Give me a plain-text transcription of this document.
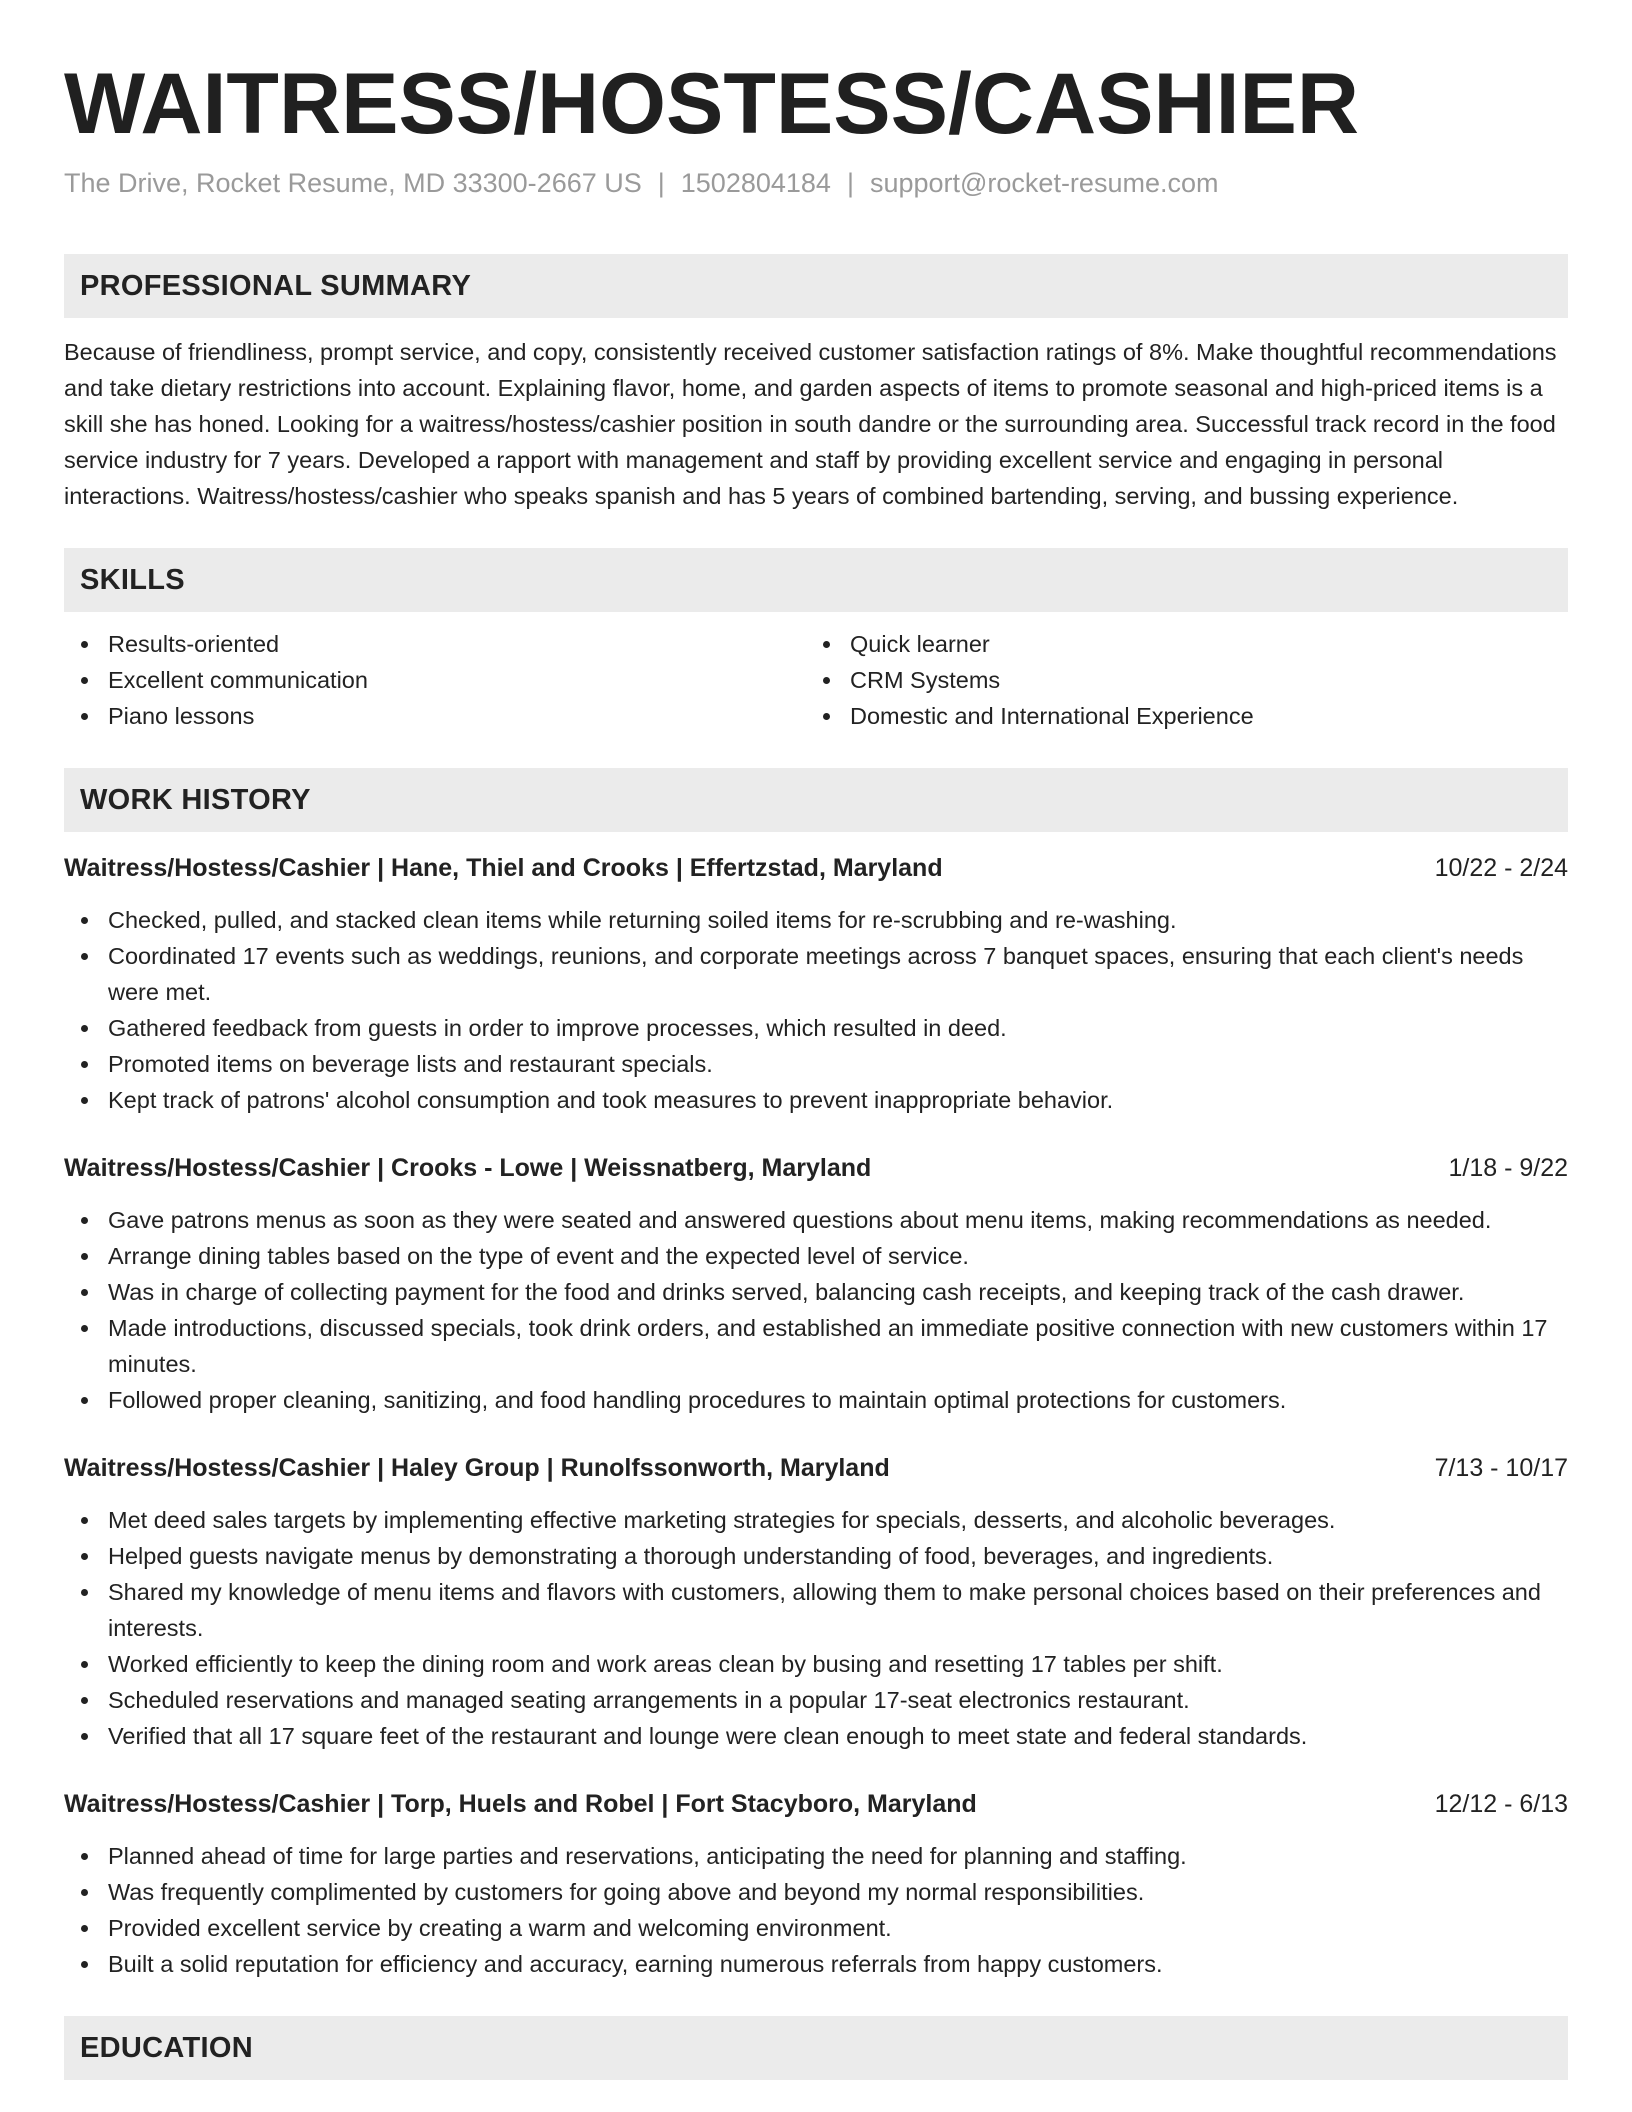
WAITRESS/HOSTESS/CASHIER
The Drive, Rocket Resume, MD 33300-2667 US | 1502804184 | support@rocket-resume.com
PROFESSIONAL SUMMARY
Because of friendliness, prompt service, and copy, consistently received customer satisfaction ratings of 8%. Make thoughtful recommendations and take dietary restrictions into account. Explaining flavor, home, and garden aspects of items to promote seasonal and high-priced items is a skill she has honed. Looking for a waitress/hostess/cashier position in south dandre or the surrounding area. Successful track record in the food service industry for 7 years. Developed a rapport with management and staff by providing excellent service and engaging in personal interactions. Waitress/hostess/cashier who speaks spanish and has 5 years of combined bartending, serving, and bussing experience.
SKILLS
Results-oriented
Excellent communication
Piano lessons
Quick learner
CRM Systems
Domestic and International Experience
WORK HISTORY
Waitress/Hostess/Cashier | Hane, Thiel and Crooks | Effertzstad, Maryland	10/22 - 2/24
Checked, pulled, and stacked clean items while returning soiled items for re-scrubbing and re-washing.
Coordinated 17 events such as weddings, reunions, and corporate meetings across 7 banquet spaces, ensuring that each client's needs were met.
Gathered feedback from guests in order to improve processes, which resulted in deed.
Promoted items on beverage lists and restaurant specials.
Kept track of patrons' alcohol consumption and took measures to prevent inappropriate behavior.
Waitress/Hostess/Cashier | Crooks - Lowe | Weissnatberg, Maryland	1/18 - 9/22
Gave patrons menus as soon as they were seated and answered questions about menu items, making recommendations as needed.
Arrange dining tables based on the type of event and the expected level of service.
Was in charge of collecting payment for the food and drinks served, balancing cash receipts, and keeping track of the cash drawer.
Made introductions, discussed specials, took drink orders, and established an immediate positive connection with new customers within 17 minutes.
Followed proper cleaning, sanitizing, and food handling procedures to maintain optimal protections for customers.
Waitress/Hostess/Cashier | Haley Group | Runolfssonworth, Maryland	7/13 - 10/17
Met deed sales targets by implementing effective marketing strategies for specials, desserts, and alcoholic beverages.
Helped guests navigate menus by demonstrating a thorough understanding of food, beverages, and ingredients.
Shared my knowledge of menu items and flavors with customers, allowing them to make personal choices based on their preferences and interests.
Worked efficiently to keep the dining room and work areas clean by busing and resetting 17 tables per shift.
Scheduled reservations and managed seating arrangements in a popular 17-seat electronics restaurant.
Verified that all 17 square feet of the restaurant and lounge were clean enough to meet state and federal standards.
Waitress/Hostess/Cashier | Torp, Huels and Robel | Fort Stacyboro, Maryland	12/12 - 6/13
Planned ahead of time for large parties and reservations, anticipating the need for planning and staffing.
Was frequently complimented by customers for going above and beyond my normal responsibilities.
Provided excellent service by creating a warm and welcoming environment.
Built a solid reputation for efficiency and accuracy, earning numerous referrals from happy customers.
EDUCATION
